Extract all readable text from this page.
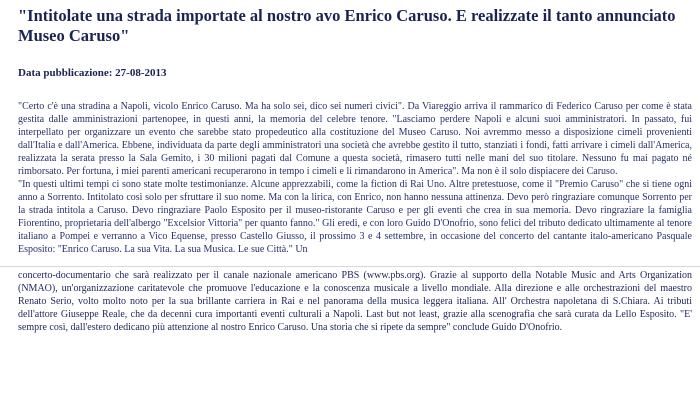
"Intitolate una strada importate al nostro avo Enrico Caruso. E realizzate il tanto annunciato Museo Caruso"
Data pubblicazione: 27-08-2013

"Certo c'è una stradina a Napoli, vicolo Enrico Caruso. Ma ha solo sei, dico sei numeri civici". Da Viareggio arriva il rammarico di Federico Caruso per come è stata gestita dalle amministrazioni partenopee, in questi anni, la memoria del celebre tenore. "Lasciamo perdere Napoli e alcuni suoi amministratori. In passato, fui interpellato per organizzare un evento che sarebbe stato propedeutico alla costituzione del Museo Caruso. Noi avremmo messo a disposizione cimeli provenienti dall'Italia e dall'America. Ebbene, individuata da parte degli amministratori una società che avrebbe gestito il tutto, stanziati i fondi, fatti arrivare i cimeli dall'America, realizzata la serata presso la Sala Gemito, i 30 milioni pagati dal Comune a questa società, rimasero tutti nelle mani del suo titolare. Nessuno fu mai pagato né rimborsato. Per fortuna, i miei parenti americani recuperarono in tempo i cimeli e li rimandarono in America". Ma non è il solo dispiacere dei Caruso.

"In questi ultimi tempi ci sono state molte testimonianze. Alcune apprezzabili, come la fiction di Rai Uno. Altre pretestuose, come il "Premio Caruso" che si tiene ogni anno a Sorrento. Intitolato così solo per sfruttare il suo nome. Ma con la lirica, con Enrico, non hanno nessuna attinenza. Devo però ringraziare comunque Sorrento per la strada intitola a Caruso. Devo ringraziare Paolo Esposito per il museo-ristorante Caruso e per gli eventi che crea in sua memoria. Devo ringraziare la famiglia Fiorentino, proprietaria dell'albergo "Excelsior Vittoria" per quanto fanno." Gli eredi, e con loro Guido D'Onofrio, sono felici del tributo dedicato ultimamente al tenore italiano a Pompei e verranno a Vico Equense, presso Castello Giusso, il prossimo 3 e 4 settembre, in occasione del concerto del cantante italo-americano Pasquale Esposito: "Enrico Caruso. La sua Vita. La sua Musica. Le sue Città." Un

concerto-documentario che sarà realizzato per il canale nazionale americano PBS (www.pbs.org). Grazie al supporto della Notable Music and Arts Organization (NMAO), un'organizzazione caritatevole che promuove l'educazione e la conoscenza musicale a livello mondiale. Alla direzione e alle orchestrazioni del maestro Renato Serio, volto molto noto per la sua brillante carriera in Rai e nel panorama della musica leggera italiana. All' Orchestra napoletana di S.Chiara. Ai tributi dell'attore Giuseppe Reale, che da decenni cura importanti eventi culturali a Napoli. Last but not least, grazie alla scenografia che sarà curata da Lello Esposito. "E' sempre così, dall'estero dedicano più attenzione al nostro Enrico Caruso. Una storia che si ripete da sempre" conclude Guido D'Onofrio.
